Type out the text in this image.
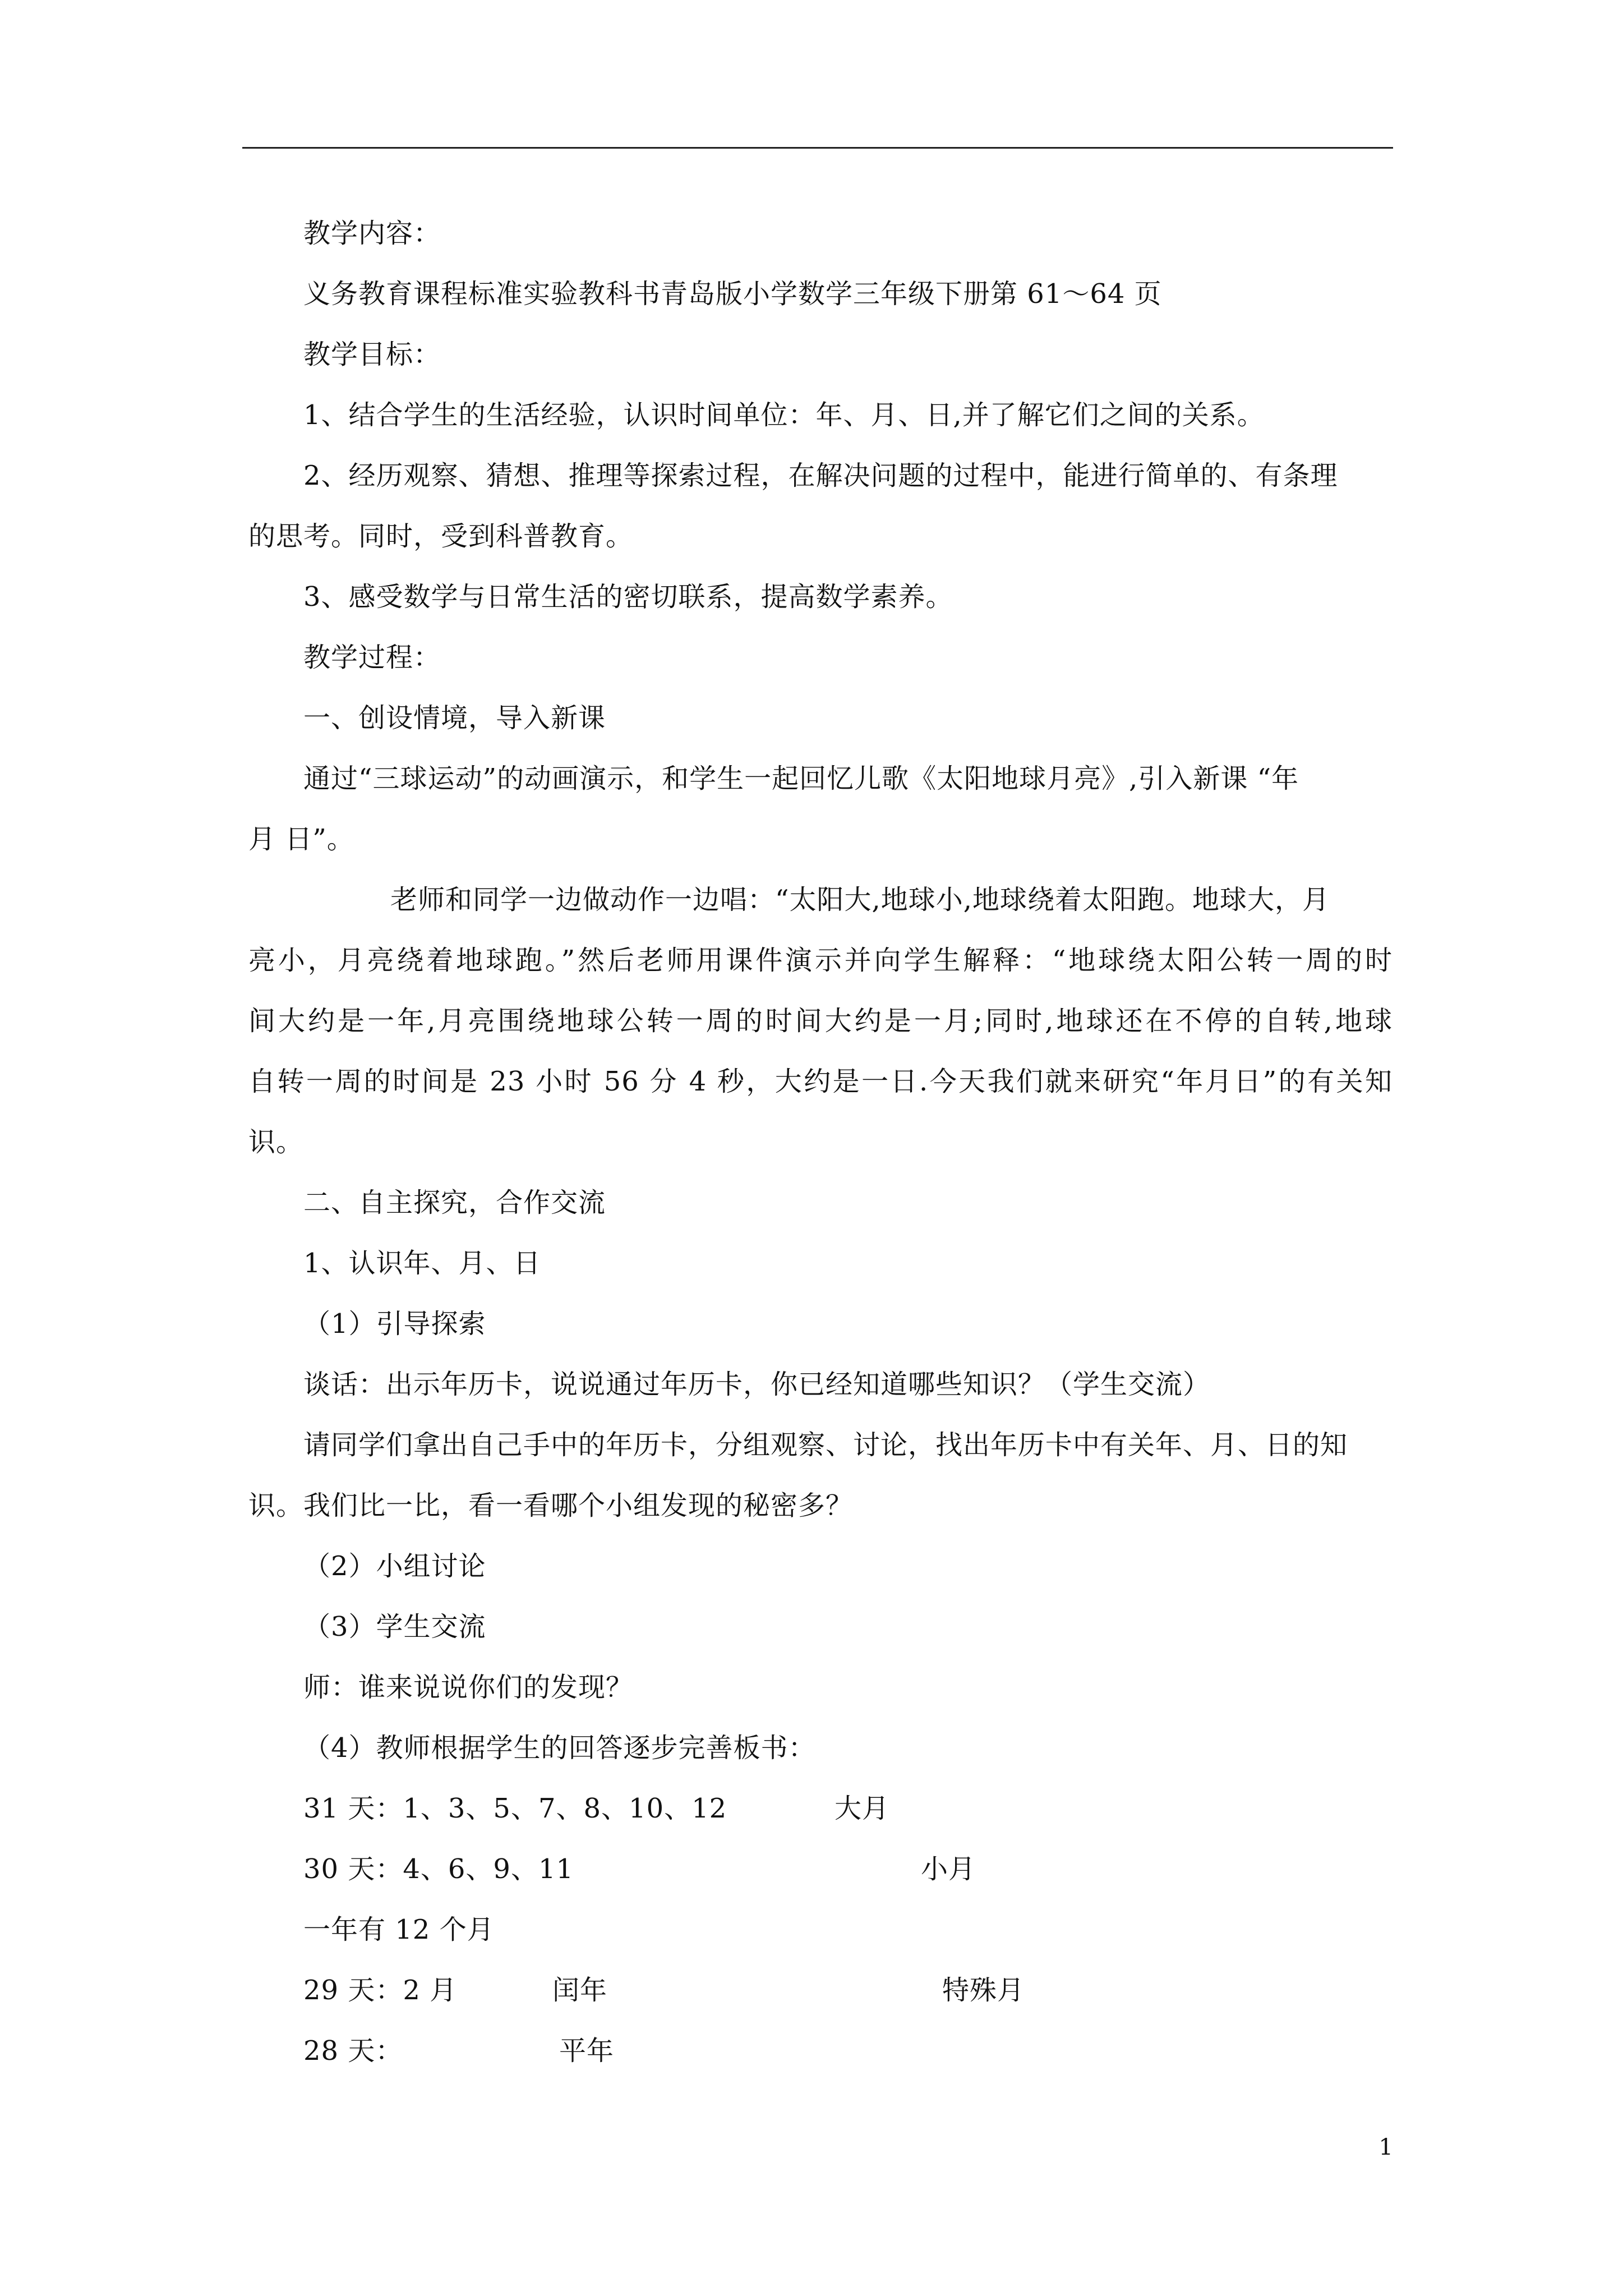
教学内容：

义务教育课程标准实验教科书青岛版小学数学三年级下册第 61～64 页

教学目标：

1、结合学生的生活经验，认识时间单位：年、月、日,并了解它们之间的关系。

2、经历观察、猜想、推理等探索过程，在解决问题的过程中，能进行简单的、有条理

的思考。同时，受到科普教育。

3、感受数学与日常生活的密切联系，提高数学素养。

教学过程：

一、创设情境，导入新课

通过“三球运动”的动画演示，和学生一起回忆儿歌《太阳地球月亮》,引入新课 “年

月 日”。

老师和同学一边做动作一边唱：“太阳大,地球小,地球绕着太阳跑。地球大，月

亮小，月亮绕着地球跑。”然后老师用课件演示并向学生解释：“地球绕太阳公转一周的时

间大约是一年,月亮围绕地球公转一周的时间大约是一月;同时,地球还在不停的自转,地球

自转一周的时间是 23 小时 56 分 4 秒，大约是一日.今天我们就来研究“年月日”的有关知

识。

二、自主探究，合作交流

1、认识年、月、日

（1）引导探索

谈话：出示年历卡，说说通过年历卡，你已经知道哪些知识？（学生交流）

请同学们拿出自己手中的年历卡，分组观察、讨论，找出年历卡中有关年、月、日的知

识。我们比一比，看一看哪个小组发现的秘密多？

（2）小组讨论

（3）学生交流

师：谁来说说你们的发现？

（4）教师根据学生的回答逐步完善板书：

31 天：1、3、5、7、8、10、12	大月

30 天：4、6、9、11	小月

一年有 12 个月

29 天：2 月	闰年	特殊月

28 天：	平年

1
